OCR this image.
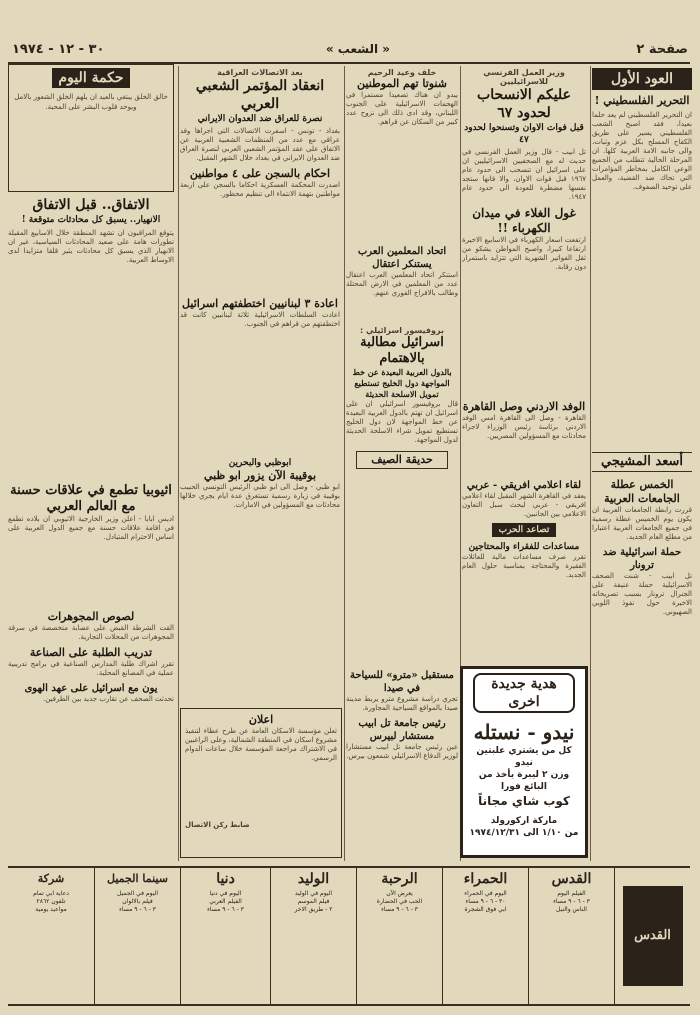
صفحة ٢
« الشعب »
٣٠ - ١٢ - ١٩٧٤
العود الأول
التحرير الفلسطيني !

ان التحرير الفلسطيني لم يعد حلما بعيدا، فقد اصبح الشعب الفلسطيني يسير على طريق الكفاح المسلح بكل عزم وثبات، والى جانبه الامة العربية كلها. ان المرحلة الحالية تتطلب من الجميع الوعي الكامل بمخاطر المؤامرات التي تحاك ضد القضية، والعمل على توحيد الصفوف.

أسعد المشيجي
الخمس عطلة الجامعات العربية

قررت رابطة الجامعات العربية ان يكون يوم الخميس عطلة رسمية في جميع الجامعات العربية اعتبارا من مطلع العام الجديد.

حملة اسرائيلية ضد ترونار

تل ابيب - شنت الصحف الاسرائيلية حملة عنيفة على الجنرال ترونار بسبب تصريحاته الاخيرة حول نفوذ اللوبي الصهيوني.

وزير العمل الفرنسي للاسرائيليين
عليكم الانسحاب لحدود ٦٧
قبل فوات الاوان وتسنحوا لحدود ٤٧

تل ابيب - قال وزير العمل الفرنسي في حديث له مع الصحفيين الاسرائيليين ان على اسرائيل ان تنسحب الى حدود عام ١٩٦٧ قبل فوات الاوان، والا فانها ستجد نفسها مضطرة للعودة الى حدود عام ١٩٤٧.

غول الغلاء في ميدان الكهرباء !!

ارتفعت اسعار الكهرباء في الاسابيع الاخيرة ارتفاعا كبيرا، واصبح المواطن يشكو من ثقل الفواتير الشهرية التي تتزايد باستمرار دون رقابة.

الوفد الاردني وصل القاهرة

القاهرة - وصل الى القاهرة امس الوفد الاردني برئاسة رئيس الوزراء لاجراء محادثات مع المسؤولين المصريين.

لقاء اعلامي افريقي - عربي

يعقد في القاهرة الشهر المقبل لقاء اعلامي افريقي - عربي لبحث سبل التعاون الاعلامي بين الجانبين.

تصاعد الحرب
مساعدات للفقراء والمحتاجين

تقرر صرف مساعدات مالية للعائلات الفقيرة والمحتاجة بمناسبة حلول العام الجديد.

خلف وعيد الرحيم
شنوتا تهم الموطنين

يبدو ان هناك تصعيدا مستمرا في الهجمات الاسرائيلية على الجنوب اللبناني، وقد ادى ذلك الى نزوح عدد كبير من السكان عن قراهم.

اتحاد المعلمين العرب يستنكر اعتقال

استنكر اتحاد المعلمين العرب اعتقال عدد من المعلمين في الارض المحتلة وطالب بالافراج الفوري عنهم.

بروفيسور اسرائيلي :
اسرائيل مطالبة بالاهتمام
بالدول العربية البعيدة عن خط المواجهة دول الخليج تستطيع تمويل الاسلحة الحديثة

قال بروفيسور اسرائيلي ان على اسرائيل ان تهتم بالدول العربية البعيدة عن خط المواجهة لان دول الخليج تستطيع تمويل شراء الاسلحة الحديثة لدول المواجهة.

حديقة الصيف

مستقبل «مترو» للسياحة في صيدا

تجري دراسة مشروع مترو يربط مدينة صيدا بالمواقع السياحية المجاورة.

رئيس جامعة تل ابيب مستشار لبيرس

عين رئيس جامعة تل ابيب مستشارا لوزير الدفاع الاسرائيلي شمعون بيرس.

بعد الاتصالات العراقية
انعقاد المؤتمر الشعبي العربي
نصرة للعراق ضد العدوان الايراني

بغداد - تونس - اسفرت الاتصالات التي اجراها وفد عراقي مع عدد من المنظمات الشعبية العربية عن الاتفاق على عقد المؤتمر الشعبي العربي لنصرة العراق ضد العدوان الايراني في بغداد خلال الشهر المقبل.

احكام بالسجن على ٤ مواطنين

اصدرت المحكمة العسكرية احكاما بالسجن على اربعة مواطنين بتهمة الانتماء الى تنظيم محظور.

اعادة ٣ لبنانيين اختطفتهم اسرائيل

اعادت السلطات الاسرائيلية ثلاثة لبنانيين كانت قد اختطفتهم من قراهم في الجنوب.

ابوظبي والبحرين
بوقيبة الآن يزور ابو ظبي

ابو ظبي - وصل الى ابو ظبي الرئيس التونسي الحبيب بوقيبة في زيارة رسمية تستغرق عدة ايام يجري خلالها محادثات مع المسؤولين في الامارات.

حكمة اليوم

خالق الخلق يبتغي بالعيد ان يلهم الخلق الشعور بالامل ويوحد قلوب البشر على المحبة.

الاتفاق.. قبل الاتفاق
الانهيار.. يسبق كل محادثات متوقعة !

يتوقع المراقبون ان تشهد المنطقة خلال الاسابيع المقبلة تطورات هامة على صعيد المحادثات السياسية، غير ان الانهيار الذي يسبق كل محادثات يثير قلقا متزايدا لدى الاوساط العربية.

اثيوبيا تطمع في علاقات حسنة مع العالم العربي

اديس ابابا - اعلن وزير الخارجية الاثيوبي ان بلاده تطمع في اقامة علاقات حسنة مع جميع الدول العربية على اساس الاحترام المتبادل.

لصوص المجوهرات

القت الشرطة القبض على عصابة متخصصة في سرقة المجوهرات من المحلات التجارية.

تدريب الطلبة على الصناعة

تقرر اشراك طلبة المدارس الصناعية في برامج تدريبية عملية في المصانع المحلية.

يون مع اسرائيل على عهد الهوى

تحدثت الصحف عن تقارب جديد بين الطرفين.

اعلان

تعلن مؤسسة الاسكان العامة عن طرح عطاء لتنفيذ مشروع اسكان في المنطقة الشمالية، وعلى الراغبين في الاشتراك مراجعة المؤسسة خلال ساعات الدوام الرسمي.

ضابط ركن الاتصال

هدية جديدة اخرى
نيدو - نستله
كل من يشتري علبتين نيدو
وزن ٢ ليبرة يأخذ من البائع فورا
كوب شاي مجاناً
ماركة اركورولد
من ١/١٠ الى ١٩٧٤/١٢/٣١
القدس
القدس
الفيلم اليوم
٣ - ٦ - ٩ مساء
الناس والنيل
الحمراء
اليوم في الحمراء
٣٠ - ٦ - ٩ مساء
ابي فوق الشجرة
الرحبة
يعرض الآن
الحب في الحضارة
٣ - ٦ - ٩ مساء
الوليد
اليوم في الوليد
فيلم الموسم
٢ - طريق الاخر
دنيا
اليوم في دنيا
الفيلم العربي
٣ - ٦ - ٩ مساء
سينما الجميل
اليوم في الجميل
فيلم بالالوان
٣ - ٦ - ٩ مساء
شركة
دعاية ابي تمام
تلفون ٢٨٦٢
مواعيد يومية
